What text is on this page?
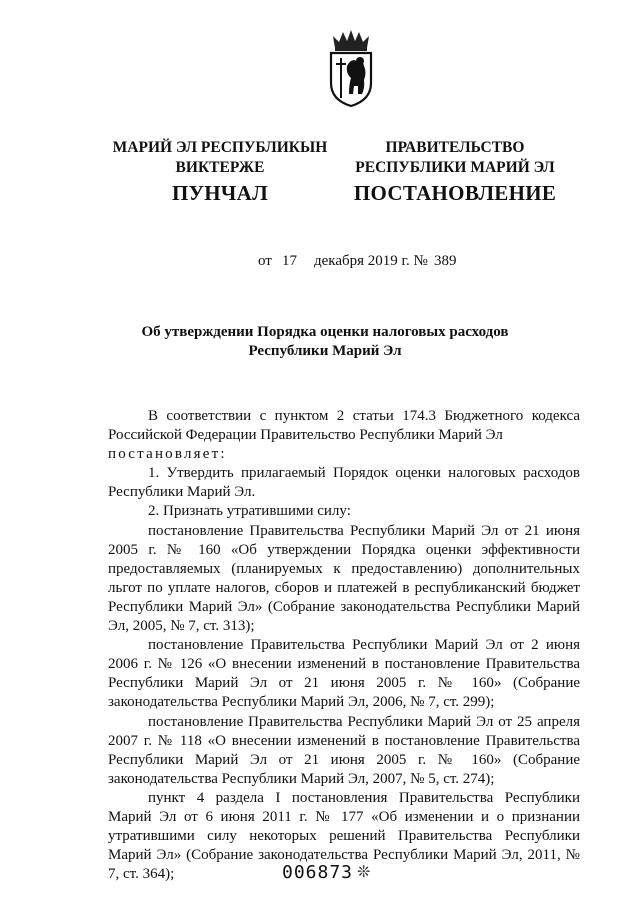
МАРИЙ ЭЛ РЕСПУБЛИКЫН
ВИКТЕРЖЕ
ПУНЧАЛ
ПРАВИТЕЛЬСТВО
РЕСПУБЛИКИ МАРИЙ ЭЛ
ПОСТАНОВЛЕНИЕ
от 17 декабря 2019 г. № 389
Об утверждении Порядка оценки налоговых расходов
Республики Марий Эл

В соответствии с пунктом 2 статьи 174.3 Бюджетного кодекса Российской Федерации Правительство Республики Марий Эл

постановляет:

1. Утвердить прилагаемый Порядок оценки налоговых расходов Республики Марий Эл.

2. Признать утратившими силу:

постановление Правительства Республики Марий Эл от 21 июня 2005 г. № 160 «Об утверждении Порядка оценки эффективности предоставляемых (планируемых к предоставлению) дополнительных льгот по уплате налогов, сборов и платежей в республиканский бюджет Республики Марий Эл» (Собрание законодательства Республики Марий Эл, 2005, № 7, ст. 313);

постановление Правительства Республики Марий Эл от 2 июня 2006 г. № 126 «О внесении изменений в постановление Правительства Республики Марий Эл от 21 июня 2005 г. № 160» (Собрание законодательства Республики Марий Эл, 2006, № 7, ст. 299);

постановление Правительства Республики Марий Эл от 25 апреля 2007 г. № 118 «О внесении изменений в постановление Правительства Республики Марий Эл от 21 июня 2005 г. № 160» (Собрание законодательства Республики Марий Эл, 2007, № 5, ст. 274);

пункт 4 раздела I постановления Правительства Республики Марий Эл от 6 июня 2011 г. № 177 «Об изменении и о признании утратившими силу некоторых решений Правительства Республики Марий Эл» (Собрание законодательства Республики Марий Эл, 2011, № 7, ст. 364);	006873 ❊
